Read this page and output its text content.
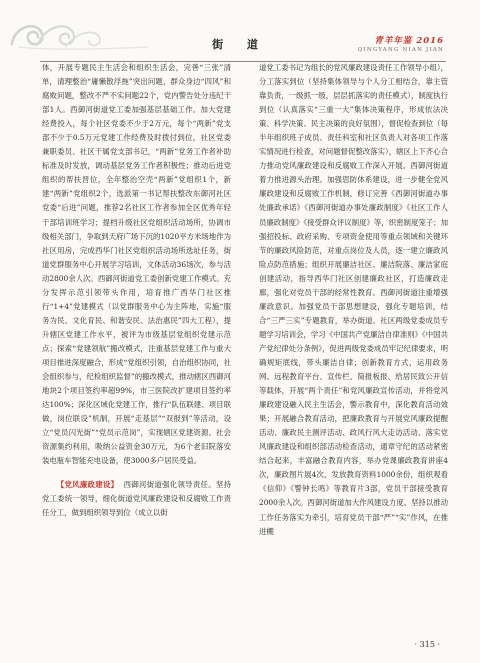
街 道	青羊年鉴 2016
QINGYANG NIAN JIAN

体，开展专题民主生活会和组织生活会，完善“三张”清单，清理整治“庸懒散浮拖”突出问题，群众身边“四风”和腐败问题，整改不严不实问题22个，党内警告处分违纪干部1人。西御河街道党工委加强基层基础工作。加大党建经费投入，每个社区党委不少于2万元，每个“两新”党支部不少于0.5万元党建工作经费及时拨付到位，社区党委兼职委员、社区干属党支部书记，“两新”党务工作者补助标准及时发放，调动基层党务工作者积极性；推动后进党组织的帮扶晋位，全年整治空壳“两新”党组织1个，新建“两新”党组织2个，选派第一书记帮扶整改东御河社区党委“后进”问题，推荐2名社区工作者参加全区优秀年轻干部培训班学习；提档升级社区党组织活动场所，协调市级相关部门，争取到天府广场下沉的1020平方米场地作为社区用房，完成西华门社区党组织活动场所选址任务，街道党群服务中心开展学习培训，文体活动36场次，参与活动2800余人次。西御河街道党工委创新党建工作模式。充分发挥示范引领带头作用，培育推广西华门社区推行“1+4”党建模式（以党群服务中心为主阵地，实施“服务为民、文化育民、和谐安民、法治惠民”四大工程），提升辖区党建工作水平，被评为市级基层党组织党建示范点；探索“党建领航”搬改模式，注重基层党建工作与重大项目推进深度融合，形成“党组织引领，自治组织协同，社会组织参与，纪检组织监督”的搬改模式，推动辖区西御河地块2个项目签约率超99%，市三医院改扩建项目签约率达100%；深化区域化党建工作，推行“队伍联建、项目联做，岗位联设”机制，开展“走基层”“双报到”等活动，设立“党员闪光街”“党员示范岗”，实现辖区党建资源、社会资源集约利用，吸纳公益资金30万元，为6个老旧院落安装电瓶车智能充电设备，使3000多户居民受益。

【党风廉政建设】 西御河街道强化领导责任。坚持党工委统一领导，细化街道党风廉政建设和反腐败工作责任分工，做到组织领导到位（成立以街

道党工委书记为组长的党风廉政建设责任工作领导小组），分工落实到位（坚持集体领导与个人分工相结合，靠主管靠负责，一级抓一级，层层抓落实的责任模式），制度执行到位（认真落实“三重一大”集体决策程序，形成依法决策、科学决策、民主决策的良好氛围），督促检查到位（每半年组织班子成员、责任科室和社区负责人对各项工作落实情况进行检查，对问题督促整改落实），辖区上下齐心合力推动党风廉政建设和反腐败工作深入开展。西御河街道着力推进源头治理。加强思防体系建设，进一步健全党风廉政建设和反腐败工作机制，修订完善《西御河街道办事处廉政承诺》《西御河街道办事处廉政制度》《社区工作人员廉政制度》《接受群众评议制度》等，织密制度笼子；加强招投标、政府采购、专项资金使用等重点领域和关键环节的廉政风险防范，对重点岗位及人员，逐一建立廉政风险点防范措施；组织开展廉洁社区、廉洁院落、廉洁家庭创建活动，指导西华门社区创建廉政社区，打造廉政走廊，强化对党员干部的经常性教育。西御河街道注重增强廉政意识。加强党员干部思想建设，强化专题培训，结合“三严三实”专题教育，举办街道、社区两级党委成员专题学习培训会，学习《中国共产党廉洁自律准则》《中国共产党纪律处分条例》，促进两级党委成员牢记纪律要求，明确规矩底线，带头廉洁自律；创新教育方式，运用政务网、远程教育平台、宣传栏、简报板报、给居民致公开信等载体，开展“两个责任”和党风廉政宣传活动，并将党风廉政建设融入民主生活会，警示教育中，深化教育活动效果；开展融合教育活动，把廉政教育与开展党风廉政提醒活动、廉政民主测评活动、政风行风大走访活动、落实党风廉政建设和组织部活动检查活动，通章守纪的活动紧密结合起来，丰富融合教育内容，举办党课廉政教育讲座4次，廉政图片展4次，发放教育资料1000余份，组织观看《信仰》《警钟长鸣》等教育片3部，党员干部接受教育2000余人次。西御河街道加大作风建设力度。坚持以推动工作任务落实为牵引，培育党员干部“严”“实”作风，在推进棚

· 315 ·
